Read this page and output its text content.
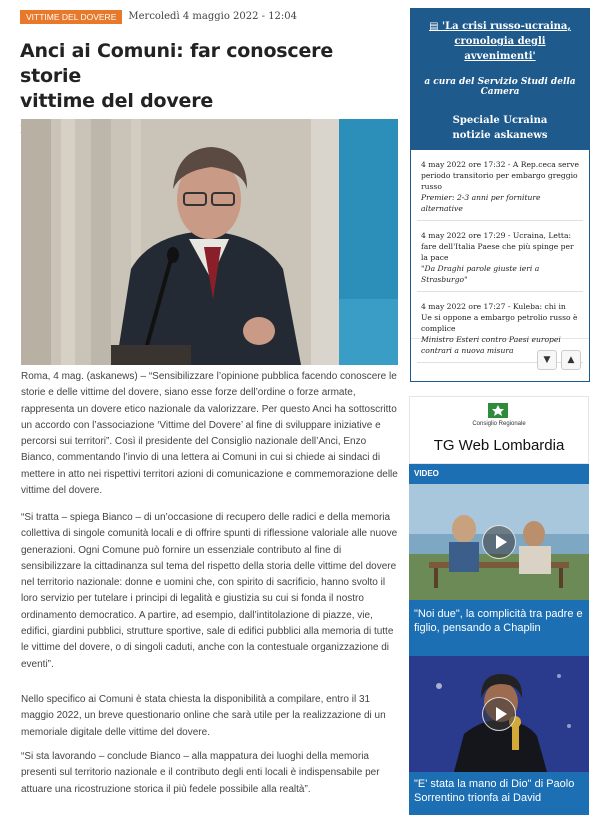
VITTIME DEL DOVERE	Mercoledì 4 maggio 2022 - 12:04
Anci ai Comuni: far conoscere storie
vittime del dovere

Roma, 4 mag. (askanews) – “Sensibilizzare l’opinione pubblica facendo conoscere le storie e delle vittime del dovere, siano esse forze dell’ordine o forze armate, rappresenta un dovere etico nazionale da valorizzare. Per questo Anci ha sottoscritto un accordo con l’associazione ‘Vittime del Dovere’ al fine di sviluppare iniziative e percorsi sui territori”. Così il presidente del Consiglio nazionale dell’Anci, Enzo Bianco, commentando l’invio di una lettera ai Comuni in cui si chiede ai sindaci di mettere in atto nei rispettivi territori azioni di comunicazione e commemorazione delle vittime del dovere.

“Si tratta – spiega Bianco – di un’occasione di recupero delle radici e della memoria collettiva di singole comunità locali e di offrire spunti di riflessione valoriale alle nuove generazioni. Ogni Comune può fornire un essenziale contributo al fine di sensibilizzare la cittadinanza sul tema del rispetto della storia delle vittime del dovere nel territorio nazionale: donne e uomini che, con spirito di sacrificio, hanno svolto il loro servizio per tutelare i principi di legalità e giustizia su cui si fonda il nostro ordinamento democratico. A partire, ad esempio, dall’intitolazione di piazze, vie, edifici, giardini pubblici, strutture sportive, sale di edifici pubblici alla memoria di tutte le vittime del dovere, o di singoli caduti, anche con la contestuale organizzazione di eventi”.

Nello specifico ai Comuni è stata chiesta la disponibilità a compilare, entro il 31 maggio 2022, un breve questionario online che sarà utile per la realizzazione di un memoriale digitale delle vittime del dovere.

“Si sta lavorando – conclude Bianco – alla mappatura dei luoghi della memoria presenti sul territorio nazionale e il contributo degli enti locali è indispensabile per attuare una ricostruzione storica il più fedele possibile alla realtà”.

▤ 'La crisi russo-ucraina, cronologia degli avvenimenti'
a cura del Servizio Studi della Camera
Speciale Ucraina
notizie askanews
4 may 2022 ore 17:32 - A Rep.ceca serve periodo transitorio per embargo greggio russo
Premier: 2-3 anni per forniture alternative
4 may 2022 ore 17:29 - Ucraina, Letta: fare dell'Italia Paese che più spinge per la pace
"Da Draghi parole giuste ieri a Strasburgo"
4 may 2022 ore 17:27 - Kuleba: chi in Ue si oppone a embargo petrolio russo è complice
Ministro Esteri contro Paesi europei contrari a nuova misura
▼ ▲
Consiglio Regionale
TG Web Lombardia
VIDEO
"Noi due", la complicità tra padre e figlio, pensando a Chaplin
"E' stata la mano di Dio" di Paolo Sorrentino trionfa ai David
